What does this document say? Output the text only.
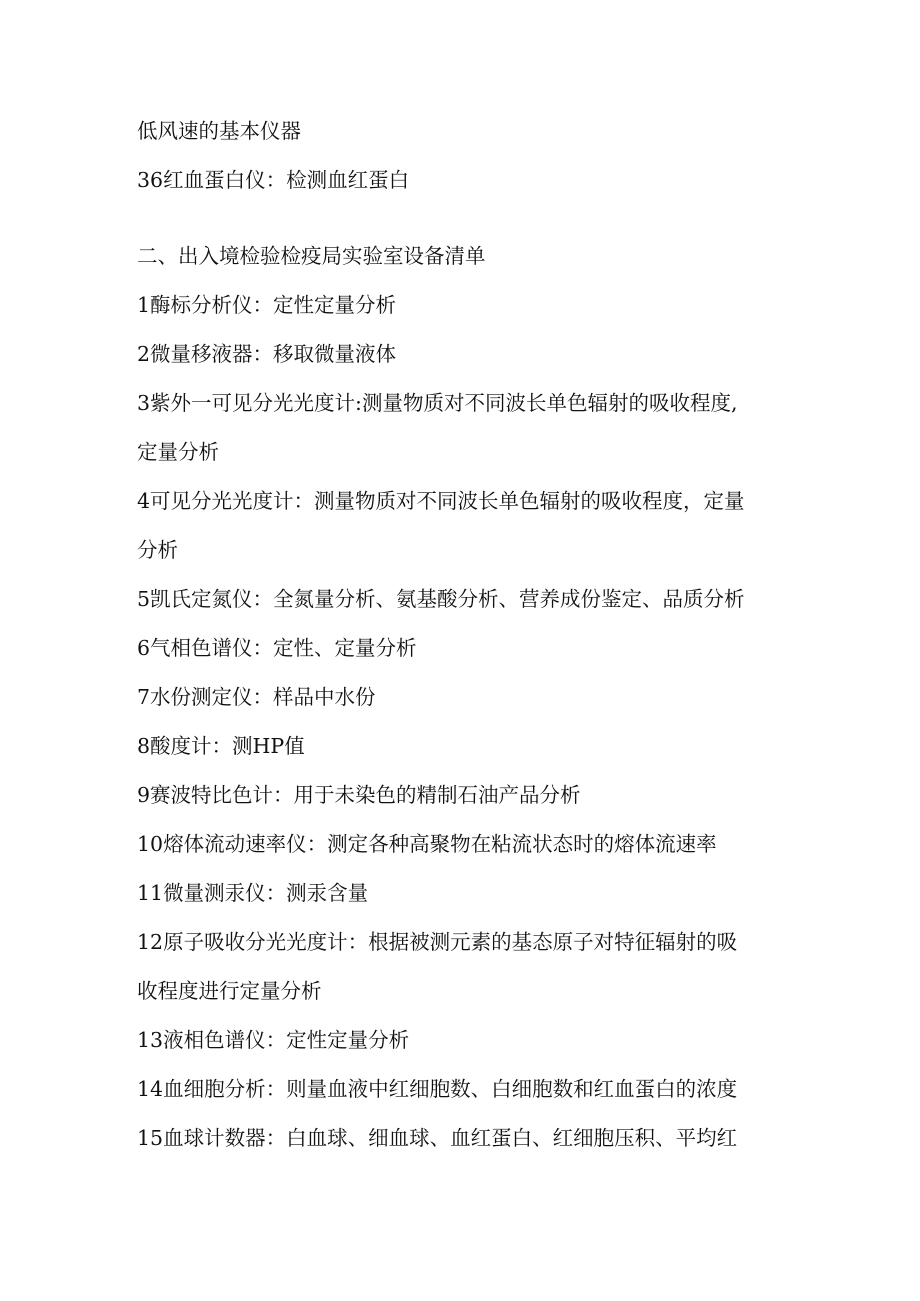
低风速的基本仪器
36红血蛋白仪：检测血红蛋白
二、出入境检验检疫局实验室设备清单
1酶标分析仪：定性定量分析
2微量移液器：移取微量液体
3紫外一可见分光光度计:测量物质对不同波长单色辐射的吸收程度,
定量分析
4可见分光光度计：测量物质对不同波长单色辐射的吸收程度，定量
分析
5凯氏定氮仪：全氮量分析、氨基酸分析、营养成份鉴定、品质分析
6气相色谱仪：定性、定量分析
7水份测定仪：样品中水份
8酸度计：测HP值
9赛波特比色计：用于未染色的精制石油产品分析
10熔体流动速率仪：测定各种高聚物在粘流状态时的熔体流速率
11微量测汞仪：测汞含量
12原子吸收分光光度计：根据被测元素的基态原子对特征辐射的吸
收程度进行定量分析
13液相色谱仪：定性定量分析
14血细胞分析：则量血液中红细胞数、白细胞数和红血蛋白的浓度
15血球计数器：白血球、细血球、血红蛋白、红细胞压积、平均红
